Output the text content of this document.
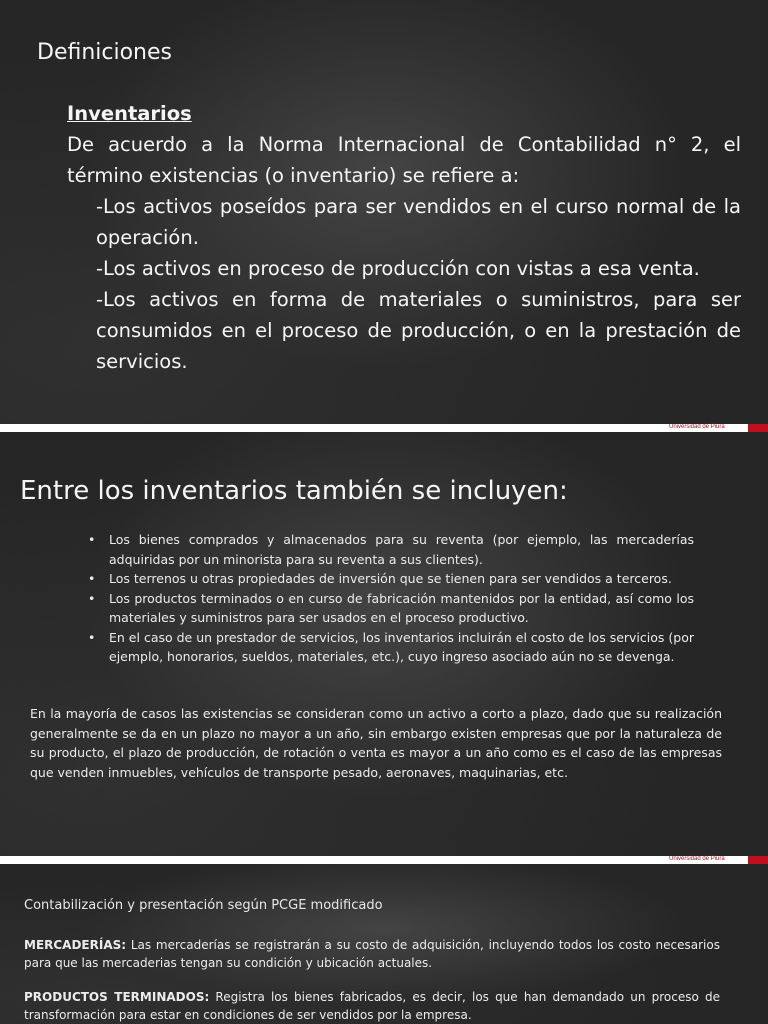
Definiciones
Inventarios
De acuerdo a la Norma Internacional de Contabilidad n° 2, el término existencias (o inventario) se refiere a:
-Los activos poseídos para ser vendidos en el curso normal de la operación.
-Los activos en proceso de producción con vistas a esa venta.
-Los activos en forma de materiales o suministros, para ser consumidos en el proceso de producción, o en la prestación de servicios.
Universidad de Piura
Entre los inventarios también se incluyen:
• Los bienes comprados y almacenados para su reventa (por ejemplo, las mercaderías adquiridas por un minorista para su reventa a sus clientes).
• Los terrenos u otras propiedades de inversión que se tienen para ser vendidos a terceros.
• Los productos terminados o en curso de fabricación mantenidos por la entidad, así como los materiales y suministros para ser usados en el proceso productivo.
• En el caso de un prestador de servicios, los inventarios incluirán el costo de los servicios (por ejemplo, honorarios, sueldos, materiales, etc.), cuyo ingreso asociado aún no se devenga.
En la mayoría de casos las existencias se consideran como un activo a corto a plazo, dado que su realización generalmente se da en un plazo no mayor a un año, sin embargo existen empresas que por la naturaleza de su producto, el plazo de producción, de rotación o venta es mayor a un año como es el caso de las empresas que venden inmuebles, vehículos de transporte pesado, aeronaves, maquinarias, etc.
Universidad de Piura
Contabilización y presentación según PCGE modificado
MERCADERÍAS: Las mercaderías se registrarán a su costo de adquisición, incluyendo todos los costo necesarios para que las mercaderias tengan su condición y ubicación actuales.
PRODUCTOS TERMINADOS: Registra los bienes fabricados, es decir, los que han demandado un proceso de transformación para estar en condiciones de ser vendidos por la empresa.
